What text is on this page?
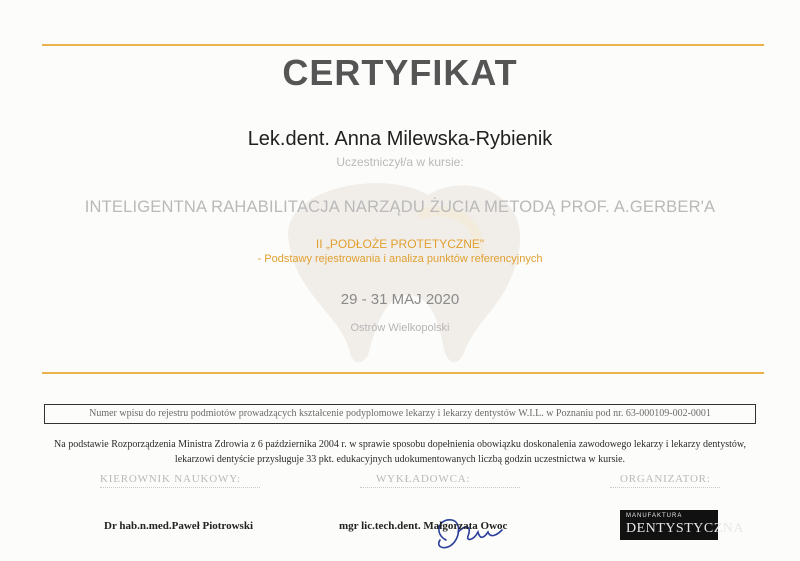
CERTYFIKAT
Lek.dent. Anna Milewska-Rybienik
Uczestniczył/a w kursie:
INTELIGENTNA RAHABILITACJA NARZĄDU ŻUCIA METODĄ PROF. A.GERBER'A
II „PODŁOŻE PROTETYCZNE"
- Podstawy rejestrowania i analiza punktów referencyjnych
29 - 31 MAJ 2020
Ostrów Wielkopolski
Numer wpisu do rejestru podmiotów prowadzących kształcenie podyplomowe lekarzy i lekarzy dentystów W.I.L. w Poznaniu pod nr. 63-000109-002-0001
Na podstawie Rozporządzenia Ministra Zdrowia z 6 października 2004 r. w sprawie sposobu dopełnienia obowiązku doskonalenia zawodowego lekarzy i lekarzy dentystów,
lekarzowi dentyście przysługuje 33 pkt. edukacyjnych udokumentowanych liczbą godzin uczestnictwa w kursie.
KIEROWNIK NAUKOWY:	WYKŁADOWCA:	ORGANIZATOR:
Dr hab.n.med.Paweł Piotrowski	mgr lic.tech.dent. Małgorzata Owoc
MANUFAKTURA
DENTYSTYCZNA
